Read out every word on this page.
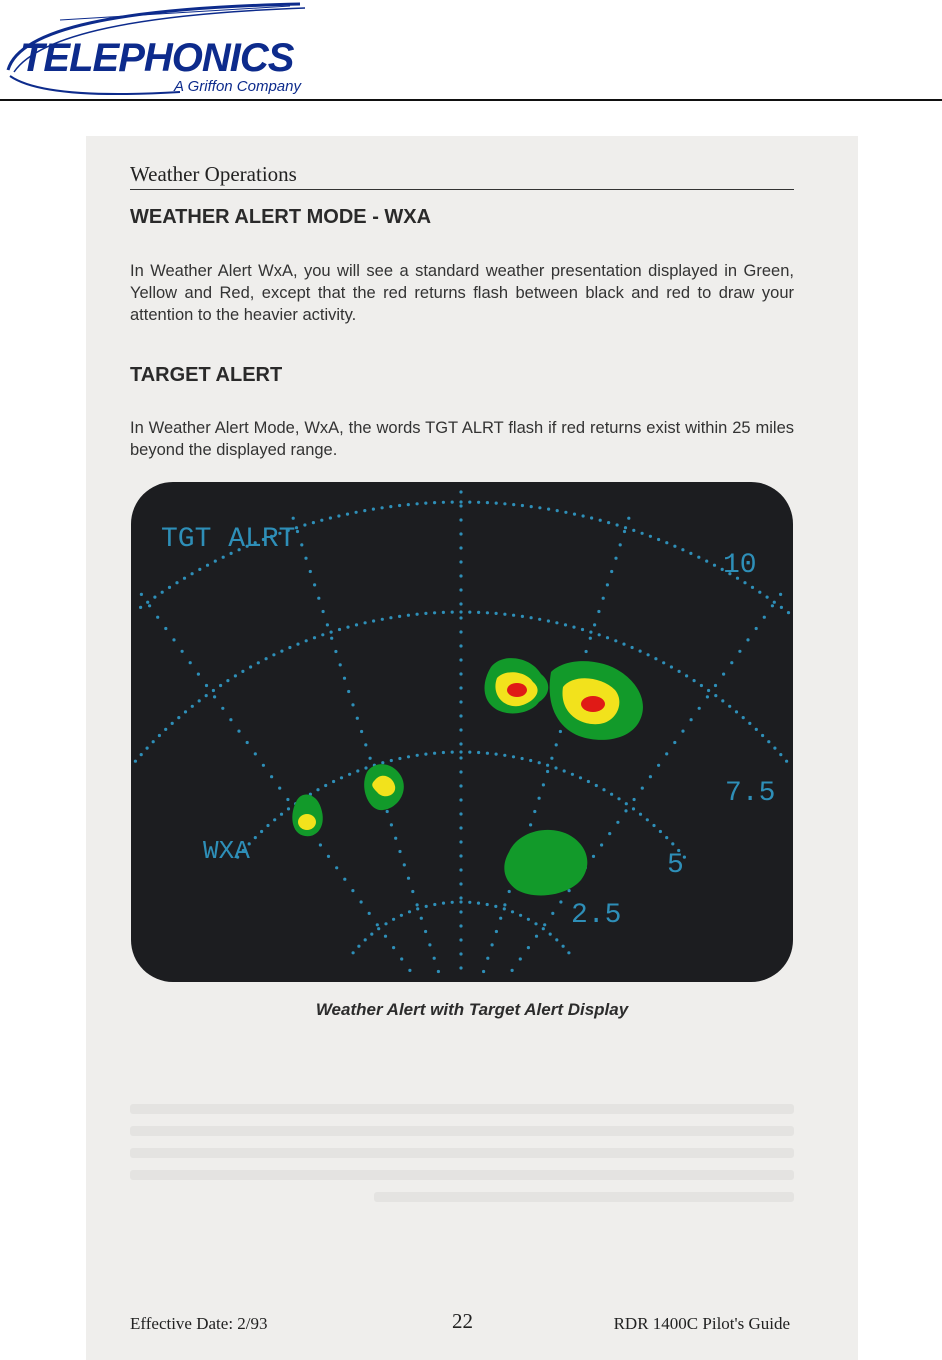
TELEPHONICS
A Griffon Company
Weather Operations
WEATHER ALERT MODE - WXA
In Weather Alert WxA, you will see a standard weather presentation displayed in Green, Yellow and Red, except that the red returns flash between black and red to draw your attention to the heavier activity.
TARGET ALERT
In Weather Alert Mode, WxA, the words TGT ALRT flash if red returns exist within 25 miles beyond the displayed range.
TGT ALRT
WXA
10
7.5
5
2.5
Weather Alert with Target Alert Display
Effective Date: 2/93	22	RDR 1400C Pilot's Guide
